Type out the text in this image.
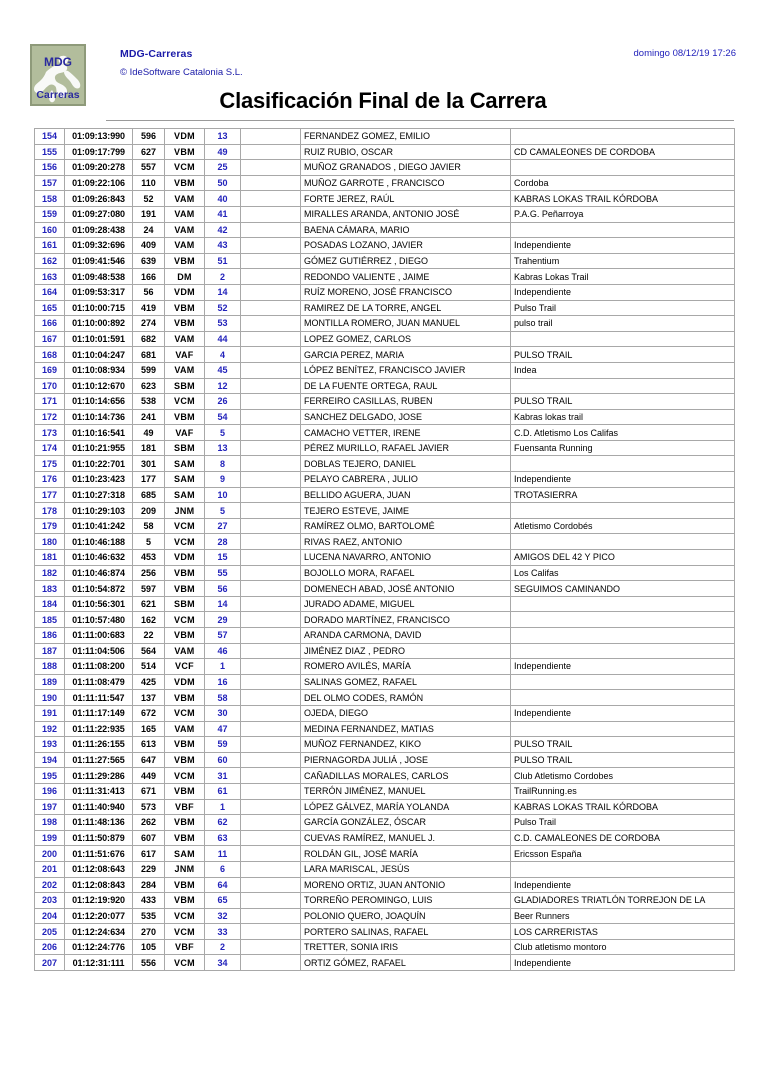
MDG
Carreras
MDG-Carreras
© IdeSoftware Catalonia S.L.
domingo 08/12/19 17:26
Clasificación Final de la Carrera
154	01:09:13:990	596	VDM	13		FERNANDEZ GOMEZ, EMILIO	
155	01:09:17:799	627	VBM	49		RUIZ RUBIO, OSCAR	CD CAMALEONES DE CORDOBA
156	01:09:20:278	557	VCM	25		MUÑOZ GRANADOS , DIEGO JAVIER	
157	01:09:22:106	110	VBM	50		MUÑOZ GARROTE , FRANCISCO	Cordoba
158	01:09:26:843	52	VAM	40		FORTE JEREZ, RAÚL	KABRAS LOKAS TRAIL KÓRDOBA
159	01:09:27:080	191	VAM	41		MIRALLES ARANDA, ANTONIO JOSÉ	P.A.G. Peñarroya
160	01:09:28:438	24	VAM	42		BAENA CÁMARA, MARIO	
161	01:09:32:696	409	VAM	43		POSADAS LOZANO, JAVIER	Independiente
162	01:09:41:546	639	VBM	51		GÓMEZ GUTIÉRREZ , DIEGO	Trahentium
163	01:09:48:538	166	DM	2		REDONDO VALIENTE , JAIME	Kabras Lokas Trail
164	01:09:53:317	56	VDM	14		RUÍZ MORENO, JOSÉ FRANCISCO	Independiente
165	01:10:00:715	419	VBM	52		RAMIREZ DE LA TORRE, ANGEL	Pulso Trail
166	01:10:00:892	274	VBM	53		MONTILLA ROMERO, JUAN MANUEL	pulso trail
167	01:10:01:591	682	VAM	44		LOPEZ GOMEZ, CARLOS	
168	01:10:04:247	681	VAF	4		GARCIA PEREZ, MARIA	PULSO TRAIL
169	01:10:08:934	599	VAM	45		LÓPEZ BENÍTEZ, FRANCISCO JAVIER	Indea
170	01:10:12:670	623	SBM	12		DE LA FUENTE ORTEGA, RAUL	
171	01:10:14:656	538	VCM	26		FERREIRO CASILLAS, RUBEN	PULSO TRAIL
172	01:10:14:736	241	VBM	54		SANCHEZ DELGADO, JOSE	Kabras lokas trail
173	01:10:16:541	49	VAF	5		CAMACHO VETTER, IRENE	C.D. Atletismo Los Califas
174	01:10:21:955	181	SBM	13		PÉREZ MURILLO, RAFAEL JAVIER	Fuensanta Running
175	01:10:22:701	301	SAM	8		DOBLAS TEJERO, DANIEL	
176	01:10:23:423	177	SAM	9		PELAYO CABRERA , JULIO	Independiente
177	01:10:27:318	685	SAM	10		BELLIDO AGUERA, JUAN	TROTASIERRA
178	01:10:29:103	209	JNM	5		TEJERO ESTEVE, JAIME	
179	01:10:41:242	58	VCM	27		RAMÍREZ OLMO, BARTOLOMÉ	Atletismo Cordobés
180	01:10:46:188	5	VCM	28		RIVAS RAEZ, ANTONIO	
181	01:10:46:632	453	VDM	15		LUCENA NAVARRO, ANTONIO	AMIGOS DEL 42 Y PICO
182	01:10:46:874	256	VBM	55		BOJOLLO MORA, RAFAEL	Los Califas
183	01:10:54:872	597	VBM	56		DOMENECH ABAD, JOSÉ ANTONIO	SEGUIMOS CAMINANDO
184	01:10:56:301	621	SBM	14		JURADO ADAME, MIGUEL	
185	01:10:57:480	162	VCM	29		DORADO MARTÍNEZ, FRANCISCO	
186	01:11:00:683	22	VBM	57		ARANDA CARMONA, DAVID	
187	01:11:04:506	564	VAM	46		JIMÉNEZ DIAZ , PEDRO	
188	01:11:08:200	514	VCF	1		ROMERO AVILÉS, MARÍA	Independiente
189	01:11:08:479	425	VDM	16		SALINAS GOMEZ, RAFAEL	
190	01:11:11:547	137	VBM	58		DEL OLMO CODES, RAMÓN	
191	01:11:17:149	672	VCM	30		OJEDA, DIEGO	Independiente
192	01:11:22:935	165	VAM	47		MEDINA FERNANDEZ, MATIAS	
193	01:11:26:155	613	VBM	59		MUÑOZ FERNANDEZ, KIKO	PULSO TRAIL
194	01:11:27:565	647	VBM	60		PIERNAGORDA JULIÁ , JOSE	PULSO TRAIL
195	01:11:29:286	449	VCM	31		CAÑADILLAS MORALES, CARLOS	Club Atletismo Cordobes
196	01:11:31:413	671	VBM	61		TERRÓN JIMÉNEZ, MANUEL	TrailRunning.es
197	01:11:40:940	573	VBF	1		LÓPEZ GÁLVEZ, MARÍA YOLANDA	KABRAS LOKAS TRAIL KÓRDOBA
198	01:11:48:136	262	VBM	62		GARCÍA GONZÁLEZ, ÓSCAR	Pulso Trail
199	01:11:50:879	607	VBM	63		CUEVAS RAMÍREZ, MANUEL J.	C.D. CAMALEONES DE CORDOBA
200	01:11:51:676	617	SAM	11		ROLDÁN GIL, JOSÉ MARÍA	Ericsson España
201	01:12:08:643	229	JNM	6		LARA MARISCAL, JESÚS	
202	01:12:08:843	284	VBM	64		MORENO ORTIZ, JUAN ANTONIO	Independiente
203	01:12:19:920	433	VBM	65		TORREÑO PEROMINGO, LUIS	GLADIADORES TRIATLÓN TORREJON DE LA
204	01:12:20:077	535	VCM	32		POLONIO QUERO, JOAQUÍN	Beer Runners
205	01:12:24:634	270	VCM	33		PORTERO SALINAS, RAFAEL	LOS CARRERISTAS
206	01:12:24:776	105	VBF	2		TRETTER, SONIA IRIS	Club atletismo montoro
207	01:12:31:111	556	VCM	34		ORTIZ GÓMEZ, RAFAEL	Independiente
